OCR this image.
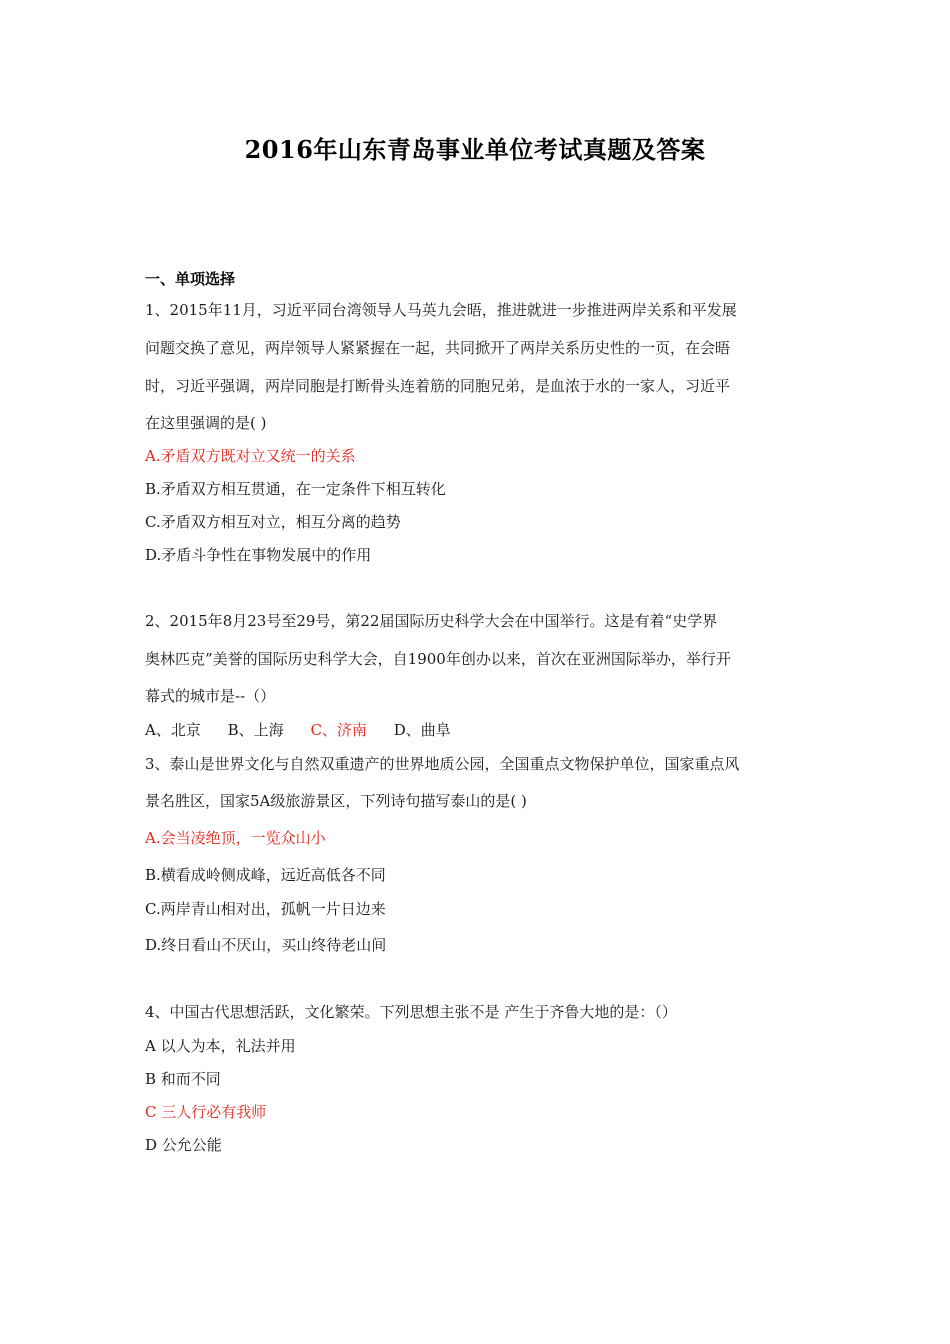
2016年山东青岛事业单位考试真题及答案
一、单项选择
1、2015年11月，习近平同台湾领导人马英九会晤，推进就进一步推进两岸关系和平发展
问题交换了意见，两岸领导人紧紧握在一起，共同掀开了两岸关系历史性的一页，在会晤
时，习近平强调，两岸同胞是打断骨头连着筋的同胞兄弟，是血浓于水的一家人，习近平
在这里强调的是( )
A.矛盾双方既对立又统一的关系
B.矛盾双方相互贯通，在一定条件下相互转化
C.矛盾双方相互对立，相互分离的趋势
D.矛盾斗争性在事物发展中的作用
2、2015年8月23号至29号，第22届国际历史科学大会在中国举行。这是有着“史学界
奥林匹克”美誉的国际历史科学大会，自1900年创办以来，首次在亚洲国际举办，举行开
幕式的城市是--（）
A、北京 B、上海 C、济南 D、曲阜
3、泰山是世界文化与自然双重遗产的世界地质公园，全国重点文物保护单位，国家重点风
景名胜区，国家5A级旅游景区，下列诗句描写泰山的是( )
A.会当凌绝顶，一览众山小
B.横看成岭侧成峰，远近高低各不同
C.两岸青山相对出，孤帆一片日边来
D.终日看山不厌山，买山终待老山间
4、中国古代思想活跃，文化繁荣。下列思想主张不是 产生于齐鲁大地的是：（）
A 以人为本，礼法并用
B 和而不同
C 三人行必有我师
D 公允公能
